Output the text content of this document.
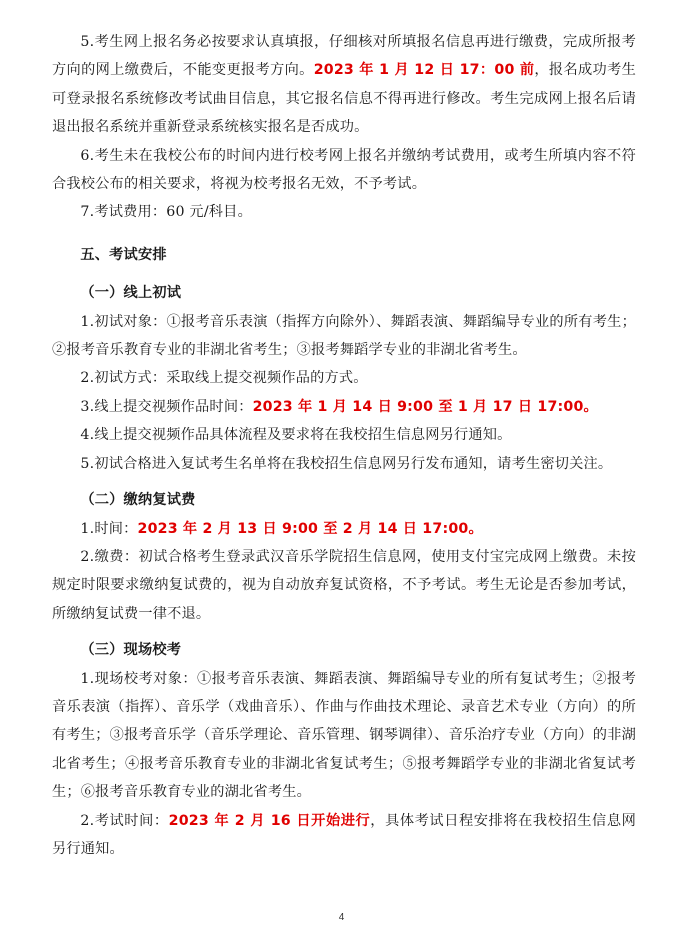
5.考生网上报名务必按要求认真填报，仔细核对所填报名信息再进行缴费，完成所报考方向的网上缴费后，不能变更报考方向。2023 年 1 月 12 日 17：00 前，报名成功考生可登录报名系统修改考试曲目信息，其它报名信息不得再进行修改。考生完成网上报名后请退出报名系统并重新登录系统核实报名是否成功。

6.考生未在我校公布的时间内进行校考网上报名并缴纳考试费用，或考生所填内容不符合我校公布的相关要求，将视为校考报名无效，不予考试。

7.考试费用：60 元/科目。

五、考试安排

（一）线上初试

1.初试对象：①报考音乐表演（指挥方向除外）、舞蹈表演、舞蹈编导专业的所有考生；②报考音乐教育专业的非湖北省考生；③报考舞蹈学专业的非湖北省考生。

2.初试方式：采取线上提交视频作品的方式。

3.线上提交视频作品时间：2023 年 1 月 14 日 9:00 至 1 月 17 日 17:00。

4.线上提交视频作品具体流程及要求将在我校招生信息网另行通知。

5.初试合格进入复试考生名单将在我校招生信息网另行发布通知，请考生密切关注。

（二）缴纳复试费

1.时间：2023 年 2 月 13 日 9:00 至 2 月 14 日 17:00。

2.缴费：初试合格考生登录武汉音乐学院招生信息网，使用支付宝完成网上缴费。未按规定时限要求缴纳复试费的，视为自动放弃复试资格，不予考试。考生无论是否参加考试，所缴纳复试费一律不退。

（三）现场校考

1.现场校考对象：①报考音乐表演、舞蹈表演、舞蹈编导专业的所有复试考生；②报考音乐表演（指挥）、音乐学（戏曲音乐）、作曲与作曲技术理论、录音艺术专业（方向）的所有考生；③报考音乐学（音乐学理论、音乐管理、钢琴调律）、音乐治疗专业（方向）的非湖北省考生；④报考音乐教育专业的非湖北省复试考生；⑤报考舞蹈学专业的非湖北省复试考生；⑥报考音乐教育专业的湖北省考生。

2.考试时间：2023 年 2 月 16 日开始进行，具体考试日程安排将在我校招生信息网另行通知。

4
